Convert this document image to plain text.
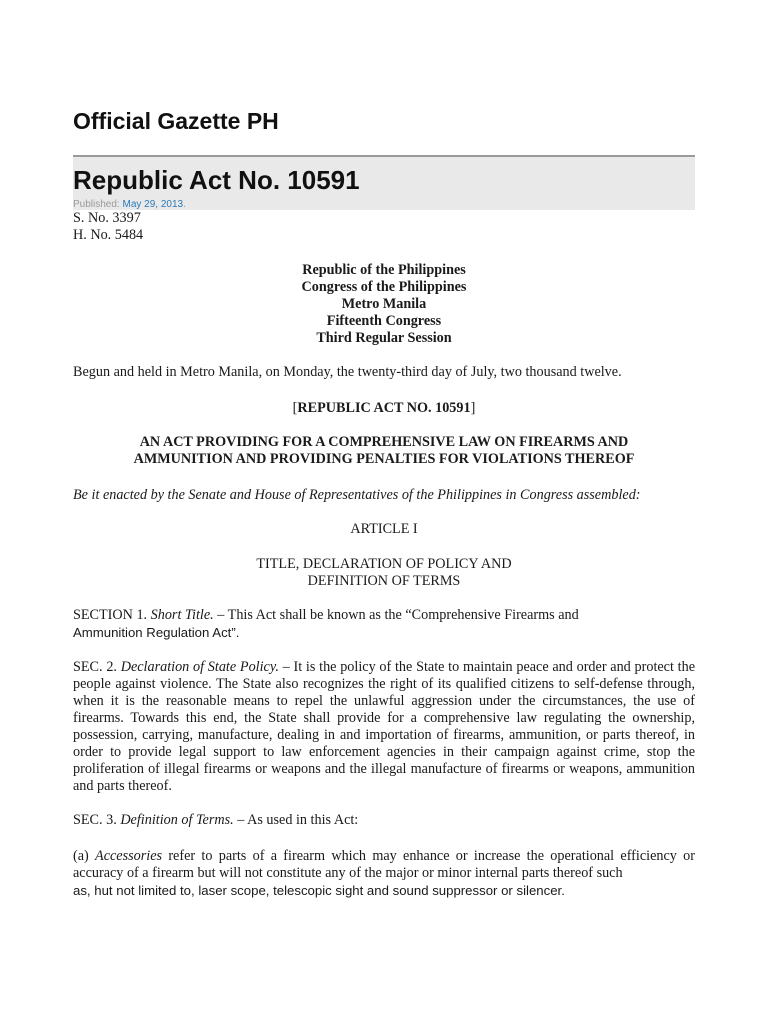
Official Gazette PH
Republic Act No. 10591
Published: May 29, 2013.
S. No. 3397
H. No. 5484
Republic of the Philippines
Congress of the Philippines
Metro Manila
Fifteenth Congress
Third Regular Session

Begun and held in Metro Manila, on Monday, the twenty-third day of July, two thousand twelve.

[REPUBLIC ACT NO. 10591]

AN ACT PROVIDING FOR A COMPREHENSIVE LAW ON FIREARMS AND
AMMUNITION AND PROVIDING PENALTIES FOR VIOLATIONS THEREOF

Be it enacted by the Senate and House of Representatives of the Philippines in Congress assembled:

ARTICLE I

TITLE, DECLARATION OF POLICY AND
DEFINITION OF TERMS

SECTION 1. Short Title. – This Act shall be known as the “Comprehensive Firearms and
Ammunition Regulation Act”.

SEC. 2. Declaration of State Policy. – It is the policy of the State to maintain peace and order and protect the people against violence. The State also recognizes the right of its qualified citizens to self-defense through, when it is the reasonable means to repel the unlawful aggression under the circumstances, the use of firearms. Towards this end, the State shall provide for a comprehensive law regulating the ownership, possession, carrying, manufacture, dealing in and importation of firearms, ammunition, or parts thereof, in order to provide legal support to law enforcement agencies in their campaign against crime, stop the proliferation of illegal firearms or weapons and the illegal manufacture of firearms or weapons, ammunition and parts thereof.

SEC. 3. Definition of Terms. – As used in this Act:

(a) Accessories refer to parts of a firearm which may enhance or increase the operational efficiency or accuracy of a firearm but will not constitute any of the major or minor internal parts thereof such
as, hut not limited to, laser scope, telescopic sight and sound suppressor or silencer.
